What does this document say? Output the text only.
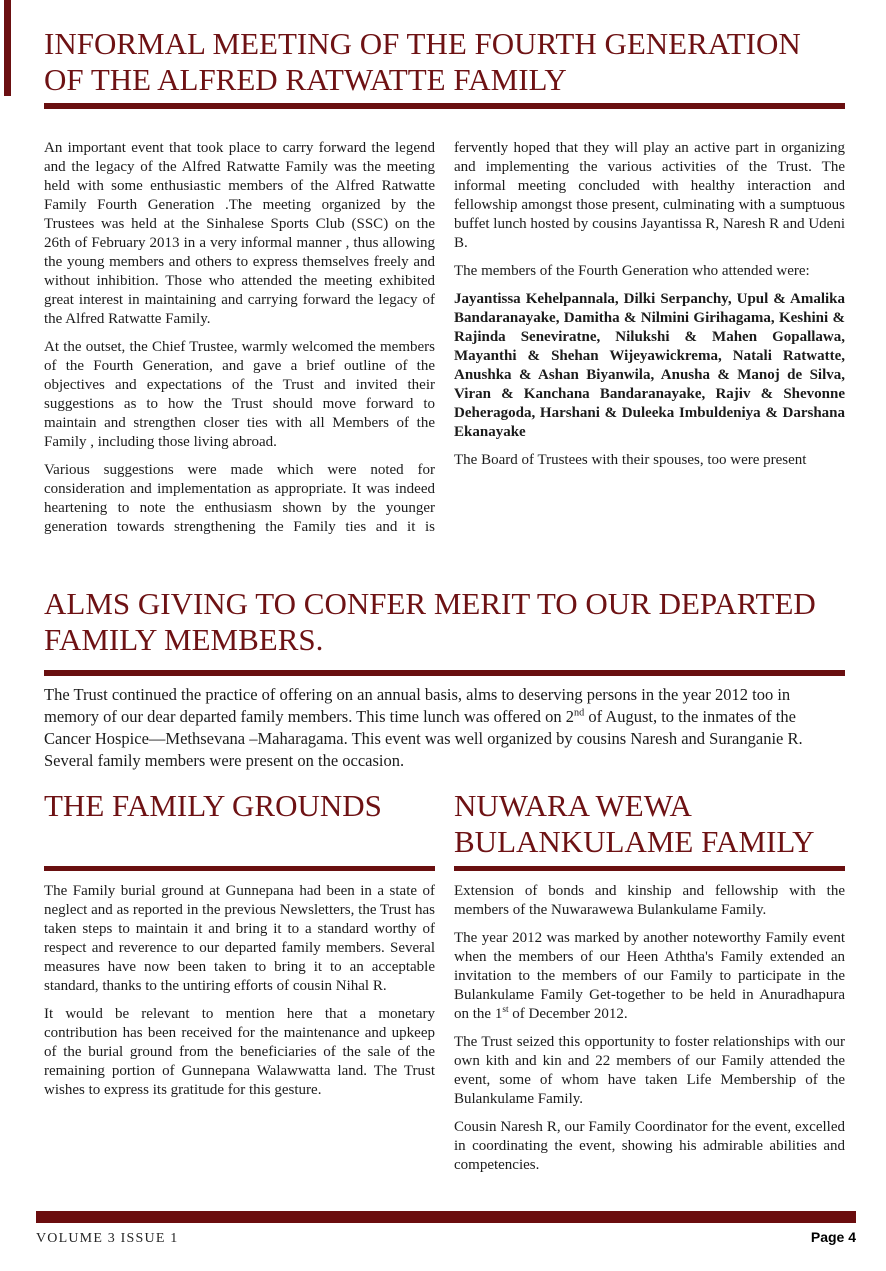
INFORMAL MEETING OF THE FOURTH GENERATION
OF THE ALFRED RATWATTE FAMILY

An important event that took place to carry forward the legend and the legacy of the Alfred Ratwatte Family was the meeting held with some enthusiastic members of the Alfred Ratwatte Family Fourth Generation .The meeting organized by the Trustees was held at the Sinhalese Sports Club (SSC) on the 26th of February 2013 in a very informal manner , thus allowing the young members and others to express themselves freely and without inhibition. Those who attended the meeting exhibited great interest in maintaining and carrying forward the legacy of the Alfred Ratwatte Family.

At the outset, the Chief Trustee, warmly welcomed the members of the Fourth Generation, and gave a brief outline of the objectives and expectations of the Trust and invited their suggestions as to how the Trust should move forward to maintain and strengthen closer ties with all Members of the Family , including those living abroad.

Various suggestions were made which were noted for consideration and implementation as appropriate. It was indeed heartening to note the enthusiasm shown by the younger generation towards strengthening the Family ties and it is

fervently hoped that they will play an active part in organizing and implementing the various activities of the Trust. The informal meeting concluded with healthy interaction and fellowship amongst those present, culminating with a sumptuous buffet lunch hosted by cousins Jayantissa R, Naresh R and Udeni B.

The members of the Fourth Generation who attended were:

Jayantissa Kehelpannala, Dilki Serpanchy, Upul & Amalika Bandaranayake, Damitha & Nilmini Girihagama, Keshini & Rajinda Seneviratne, Nilukshi & Mahen Gopallawa, Mayanthi & Shehan Wijeyawickrema, Natali Ratwatte, Anushka & Ashan Biyanwila, Anusha & Manoj de Silva, Viran & Kanchana Bandaranayake, Rajiv & Shevonne Deheragoda, Harshani & Duleeka Imbuldeniya & Darshana Ekanayake

The Board of Trustees with their spouses, too were present

ALMS GIVING TO CONFER MERIT TO OUR DEPARTED
FAMILY MEMBERS.

The Trust continued the practice of offering on an annual basis, alms to deserving persons in the year 2012 too in memory of our dear departed family members. This time lunch was offered on 2nd of August, to the inmates of the Cancer Hospice—Methsevana –Maharagama. This event was well organized by cousins Naresh and Suranganie R. Several family members were present on the occasion.

THE FAMILY GROUNDS

The Family burial ground at Gunnepana had been in a state of neglect and as reported in the previous Newsletters, the Trust has taken steps to maintain it and bring it to a standard worthy of respect and reverence to our departed family members. Several measures have now been taken to bring it to an acceptable standard, thanks to the untiring efforts of cousin Nihal R.

It would be relevant to mention here that a monetary contribution has been received for the maintenance and upkeep of the burial ground from the beneficiaries of the sale of the remaining portion of Gunnepana Walawwatta land. The Trust wishes to express its gratitude for this gesture.

NUWARA WEWA
BULANKULAME FAMILY

Extension of bonds and kinship and fellowship with the members of the Nuwarawewa Bulankulame Family.

The year 2012 was marked by another noteworthy Family event when the members of our Heen Aththa's Family extended an invitation to the members of our Family to participate in the Bulankulame Family Get-together to be held in Anuradhapura on the 1st of December 2012.

The Trust seized this opportunity to foster relationships with our own kith and kin and 22 members of our Family attended the event, some of whom have taken Life Membership of the Bulankulame Family.

Cousin Naresh R, our Family Coordinator for the event, excelled in coordinating the event, showing his admirable abilities and competencies.

VOLUME 3 ISSUE 1	Page 4
